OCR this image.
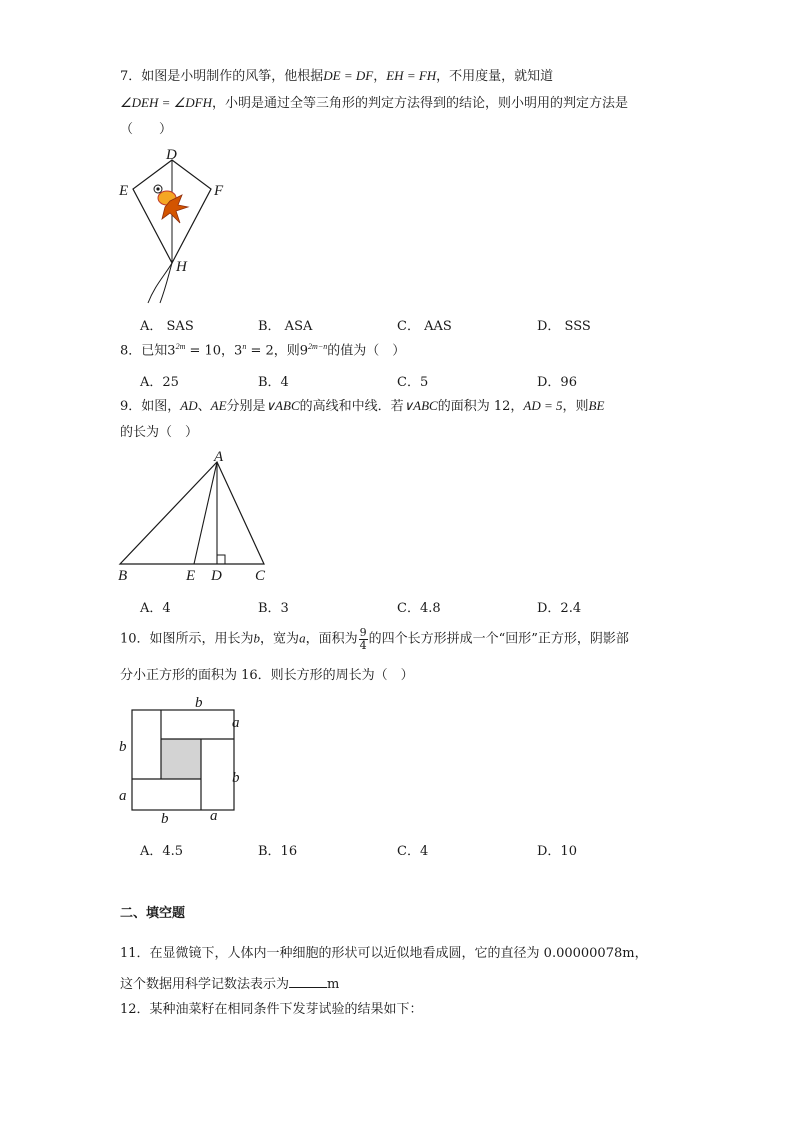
7．如图是小明制作的风筝，他根据DE = DF，EH = FH，不用度量，就知道
∠DEH = ∠DFH，小明是通过全等三角形的判定方法得到的结论，则小明用的判定方法是
（　　）
D
E	F
H
A． SAS	B． ASA	C． AAS	D． SSS
8．已知$3^{2m} = 10$，$3^n = 2$，则$9^{2m-n}$的值为（　）
A．25	B．4	C．5	D．96
9．如图，AD、AE分别是∨ABC的高线和中线．若∨ABC的面积为 12，AD = 5，则BE
的长为（　）
A
B	E D C
A．4	B．3	C．4.8	D．2.4
10．如图所示，用长为b，宽为a，面积为 $\frac{9}{4}$ 的四个长方形拼成一个“回形”正方形，阴影部
分小正方形的面积为 16．则长方形的周长为（　）
b
a
b
b
a
b	a
A．4.5	B．16	C．4	D．10
二、填空题
11．在显微镜下，人体内一种细胞的形状可以近似地看成圆，它的直径为 0.00000078m，
这个数据用科学记数法表示为	m
12．某种油菜籽在相同条件下发芽试验的结果如下：
